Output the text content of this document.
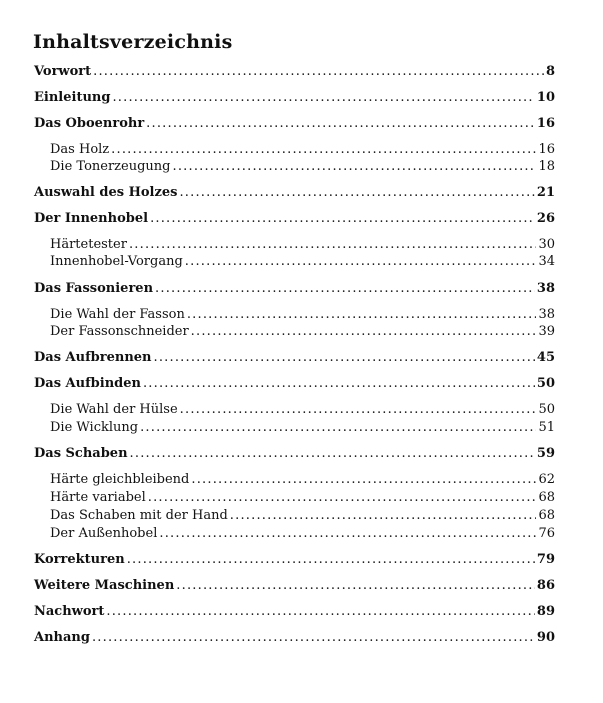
Inhaltsverzeichnis
Vorwort .....	8
Einleitung .....	10
Das Oboenrohr .....	16
Das Holz .....	16
Die Tonerzeugung .....	18
Auswahl des Holzes .....	21
Der Innenhobel .....	26
Härtetester .....	30
Innenhobel-Vorgang .....	34
Das Fassonieren .....	38
Die Wahl der Fasson .....	38
Der Fassonschneider .....	39
Das Aufbrennen .....	45
Das Aufbinden .....	50
Die Wahl der Hülse .....	50
Die Wicklung .....	51
Das Schaben .....	59
Härte gleichbleibend .....	62
Härte variabel .....	68
Das Schaben mit der Hand .....	68
Der Außenhobel .....	76
Korrekturen .....	79
Weitere Maschinen .....	86
Nachwort .....	89
Anhang .....	90
